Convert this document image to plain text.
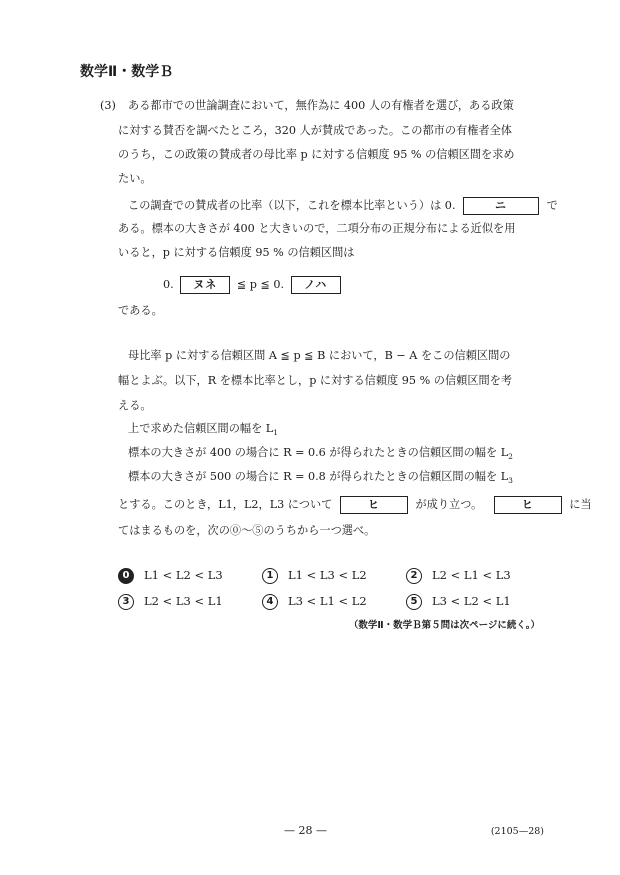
数学Ⅱ・数学Ｂ
(3) ある都市での世論調査において，無作為に 400 人の有権者を選び，ある政策
に対する賛否を調べたところ，320 人が賛成であった。この都市の有権者全体
のうち，この政策の賛成者の母比率 p に対する信頼度 95 % の信頼区間を求め
たい。
この調査での賛成者の比率（以下，これを標本比率という）は 0.	ニ	で
ある。標本の大きさが 400 と大きいので，二項分布の正規分布による近似を用
いると，p に対する信頼度 95 % の信頼区間は
0. ヌネ ≦ p ≦ 0. ノハ
である。
母比率 p に対する信頼区間 A ≦ p ≦ B において，B − A をこの信頼区間の
幅とよぶ。以下，R を標本比率とし，p に対する信頼度 95 % の信頼区間を考
える。
上で求めた信頼区間の幅を $L_1$
標本の大きさが 400 の場合に R = 0.6 が得られたときの信頼区間の幅を $L_2$
標本の大きさが 500 の場合に R = 0.8 が得られたときの信頼区間の幅を $L_3$
とする。このとき，L1，L2，L3 について	ヒ	が成り立つ。	ヒ	に当
てはまるものを，次の⓪～⑤のうちから一つ選べ。
0 L1 < L2 < L3	1 L1 < L3 < L2	2 L2 < L1 < L3
3 L2 < L3 < L1	4 L3 < L1 < L2	5 L3 < L2 < L1
（数学Ⅱ・数学Ｂ第５問は次ページに続く。）
— 28 —	(2105—28)
